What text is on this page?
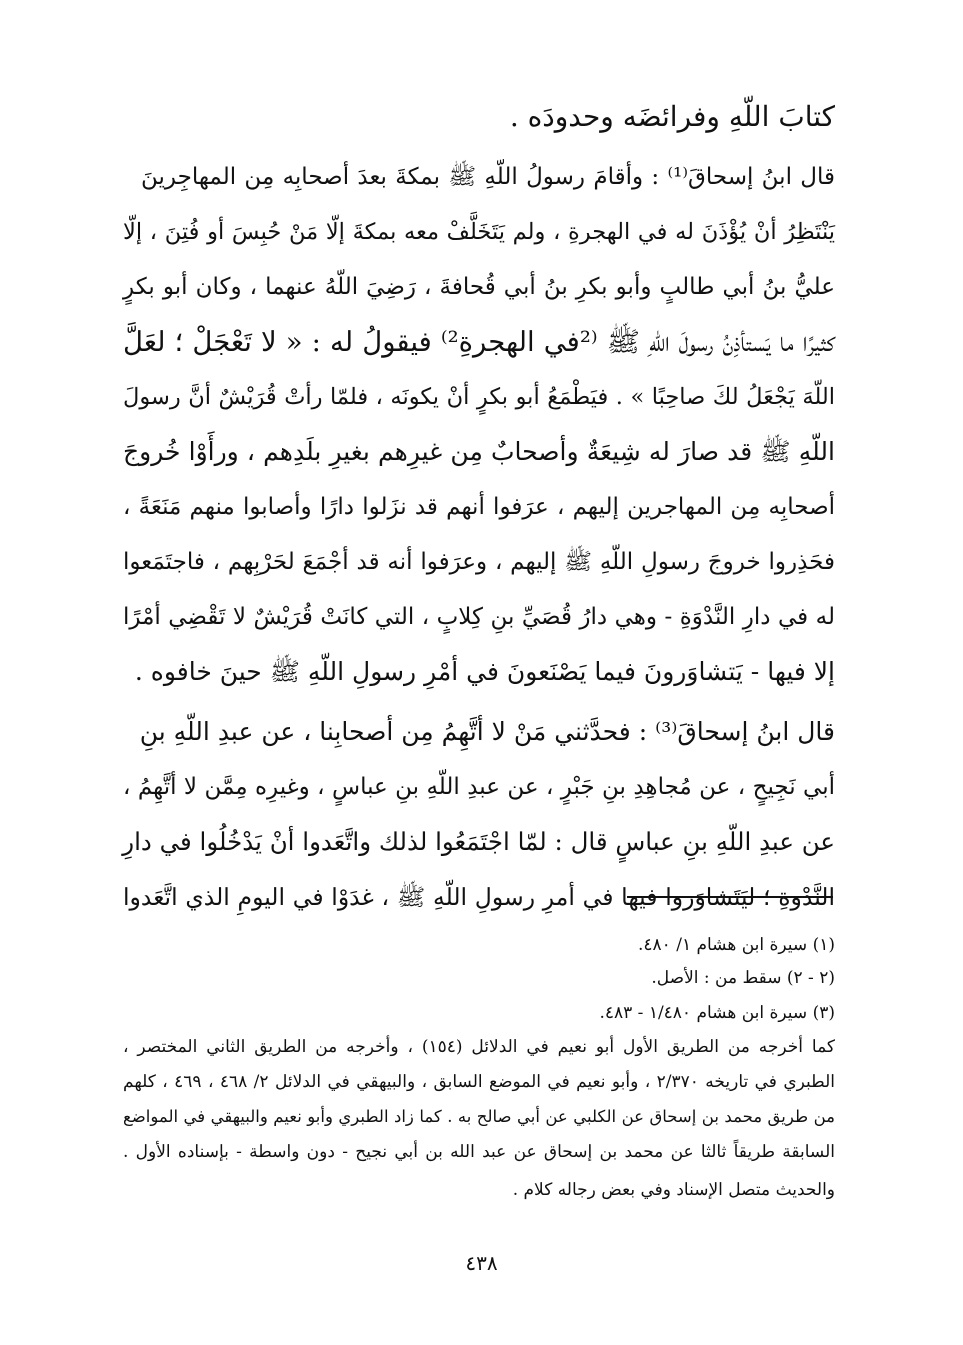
كتابَ اللّهِ وفرائضَه وحدودَه .
قال ابنُ إسحاقَ⁽¹⁾ : وأقامَ رسولُ اللّهِ ﷺ بمكةَ بعدَ أصحابِه مِن المهاجِرينَ
يَنْتَظِرُ أنْ يُؤْذَنَ له في الهجرةِ ، ولم يَتَخَلَّفْ معه بمكةَ إلّا مَنْ حُبِسَ أو فُتِنَ ، إلّا
عليُّ بنُ أبي طالبٍ وأبو بكرِ بنُ أبي قُحافةَ ، رَضِيَ اللّهُ عنهما ، وكان أبو بكرٍ
كثيرًا ما يَستأذِنُ رسولَ اللّهِ ﷺ ⁽²في الهجرةِ²⁾ فيقولُ له : « لا تَعْجَلْ ؛ لعَلَّ
اللّهَ يَجْعَلُ لكَ صاحِبًا » . فيَطْمَعُ أبو بكرٍ أنْ يكونَه ، فلمّا رأتْ قُرَيْشٌ أنَّ رسولَ
اللّهِ ﷺ قد صارَ له شِيعَةٌ وأصحابٌ مِن غيرِهم بغيرِ بلَدِهم ، ورأَوْا خُروجَ
أصحابِه مِن المهاجرين إليهم ، عرَفوا أنهم قد نزَلوا دارًا وأصابوا منهم مَنَعَةً ،
فحَذِروا خروجَ رسولِ اللّهِ ﷺ إليهم ، وعرَفوا أنه قد أجْمَعَ لحَرْبِهم ، فاجتَمَعوا
له في دارِ النَّدْوَةِ - وهي دارُ قُصَيِّ بنِ كِلابٍ ، التي كانَتْ قُرَيْشٌ لا تَقْضِي أمْرًا
إلا فيها - يَتشاوَرونَ فيما يَصْنَعونَ في أمْرِ رسولِ اللّهِ ﷺ حينَ خافوه .
قال ابنُ إسحاقَ⁽³⁾ : فحدَّثني مَنْ لا أتَّهِمُ مِن أصحابِنا ، عن عبدِ اللّهِ بنِ
أبي نَجِيحٍ ، عن مُجاهِدِ بنِ جَبْرٍ ، عن عبدِ اللّهِ بنِ عباسٍ ، وغيرِه مِمَّن لا أتَّهِمُ ،
عن عبدِ اللّهِ بنِ عباسٍ قال : لمّا اجْتَمَعُوا لذلك واتَّعَدوا أنْ يَدْخُلُوا في دارِ
النَّدْوةِ ؛ ليَتَشاوَروا فيها في أمرِ رسولِ اللّهِ ﷺ ، غدَوْا في اليومِ الذي اتَّعَدوا
(١) سيرة ابن هشام ١/ ٤٨٠.
(٢ - ٢) سقط من : الأصل.
(٣) سيرة ابن هشام ١/٤٨٠ - ٤٨٣.
كما أخرجه من الطريق الأول أبو نعيم في الدلائل (١٥٤) ، وأخرجه من الطريق الثاني المختصر ،
الطبري في تاريخه ٢/٣٧٠ ، وأبو نعيم في الموضع السابق ، والبيهقي في الدلائل ٢/ ٤٦٨ ، ٤٦٩ ، كلهم
من طريق محمد بن إسحاق عن الكلبي عن أبي صالح به . كما زاد الطبري وأبو نعيم والبيهقي في المواضع
السابقة طريقاً ثالثا عن محمد بن إسحاق عن عبد الله بن أبي نجيح - دون واسطة - بإسناده الأول .
والحديث متصل الإسناد وفي بعض رجاله كلام .
٤٣٨
